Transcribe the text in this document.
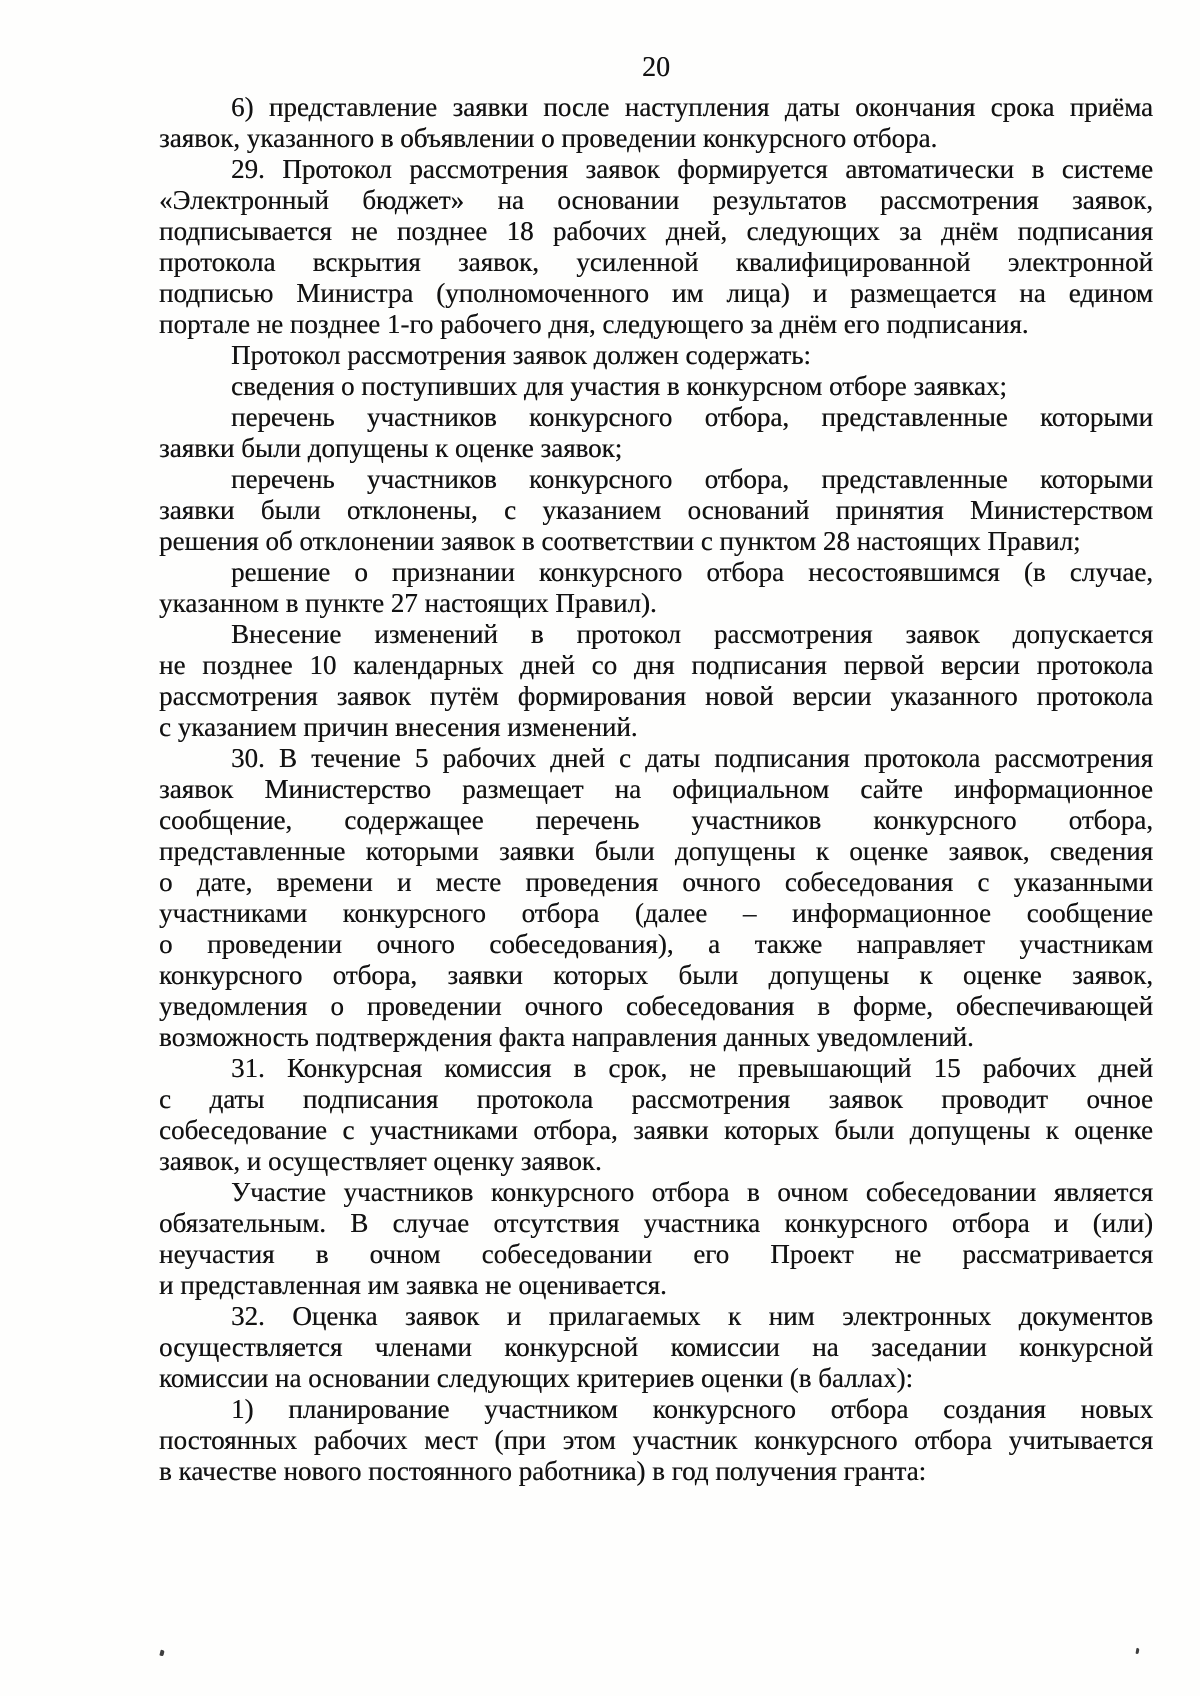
20
6) представление заявки после наступления даты окончания срока приёма
заявок, указанного в объявлении о проведении конкурсного отбора.
29. Протокол рассмотрения заявок формируется автоматически в системе
«Электронный бюджет» на основании результатов рассмотрения заявок,
подписывается не позднее 18 рабочих дней, следующих за днём подписания
протокола вскрытия заявок, усиленной квалифицированной электронной
подписью Министра (уполномоченного им лица) и размещается на едином
портале не позднее 1-го рабочего дня, следующего за днём его подписания.
Протокол рассмотрения заявок должен содержать:
сведения о поступивших для участия в конкурсном отборе заявках;
перечень участников конкурсного отбора, представленные которыми
заявки были допущены к оценке заявок;
перечень участников конкурсного отбора, представленные которыми
заявки были отклонены, с указанием оснований принятия Министерством
решения об отклонении заявок в соответствии с пунктом 28 настоящих Правил;
решение о признании конкурсного отбора несостоявшимся (в случае,
указанном в пункте 27 настоящих Правил).
Внесение изменений в протокол рассмотрения заявок допускается
не позднее 10 календарных дней со дня подписания первой версии протокола
рассмотрения заявок путём формирования новой версии указанного протокола
с указанием причин внесения изменений.
30. В течение 5 рабочих дней с даты подписания протокола рассмотрения
заявок Министерство размещает на официальном сайте информационное
сообщение, содержащее перечень участников конкурсного отбора,
представленные которыми заявки были допущены к оценке заявок, сведения
о дате, времени и месте проведения очного собеседования с указанными
участниками конкурсного отбора (далее – информационное сообщение
о проведении очного собеседования), а также направляет участникам
конкурсного отбора, заявки которых были допущены к оценке заявок,
уведомления о проведении очного собеседования в форме, обеспечивающей
возможность подтверждения факта направления данных уведомлений.
31. Конкурсная комиссия в срок, не превышающий 15 рабочих дней
с даты подписания протокола рассмотрения заявок проводит очное
собеседование с участниками отбора, заявки которых были допущены к оценке
заявок, и осуществляет оценку заявок.
Участие участников конкурсного отбора в очном собеседовании является
обязательным. В случае отсутствия участника конкурсного отбора и (или)
неучастия в очном собеседовании его Проект не рассматривается
и представленная им заявка не оценивается.
32. Оценка заявок и прилагаемых к ним электронных документов
осуществляется членами конкурсной комиссии на заседании конкурсной
комиссии на основании следующих критериев оценки (в баллах):
1) планирование участником конкурсного отбора создания новых
постоянных рабочих мест (при этом участник конкурсного отбора учитывается
в качестве нового постоянного работника) в год получения гранта:
